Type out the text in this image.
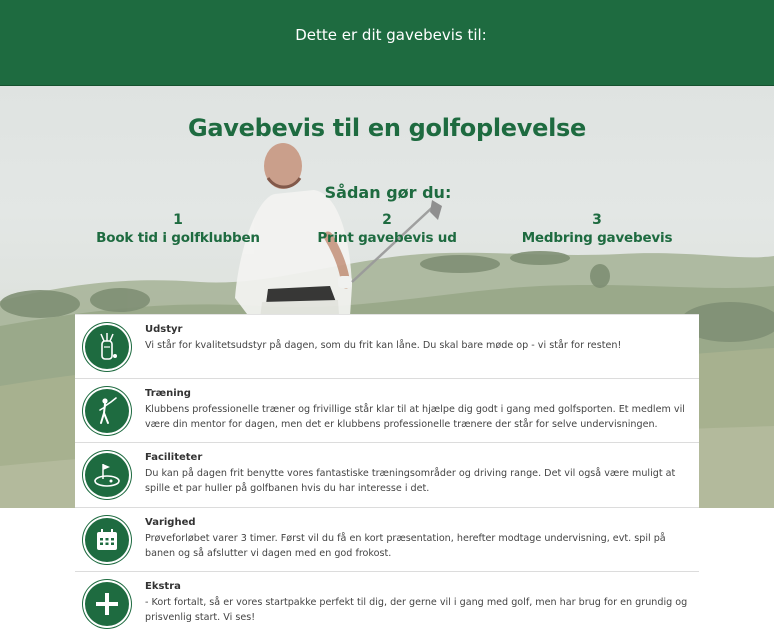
Dette er dit gavebevis til:
Gavebevis til en golfoplevelse
Sådan gør du:
1
Book tid i golfklubben
2
Print gavebevis ud
3
Medbring gavebevis
Udstyr
Vi står for kvalitetsudstyr på dagen, som du frit kan låne. Du skal bare møde op - vi står for resten!
Træning
Klubbens professionelle træner og frivillige står klar til at hjælpe dig godt i gang med golfsporten. Et medlem vil være din mentor for dagen, men det er klubbens professionelle trænere der står for selve undervisningen.
Faciliteter
Du kan på dagen frit benytte vores fantastiske træningsområder og driving range. Det vil også være muligt at spille et par huller på golfbanen hvis du har interesse i det.
Varighed
Prøveforløbet varer 3 timer. Først vil du få en kort præsentation, herefter modtage undervisning, evt. spil på banen og så afslutter vi dagen med en god frokost.
Ekstra
- Kort fortalt, så er vores startpakke perfekt til dig, der gerne vil i gang med golf, men har brug for en grundig og prisvenlig start. Vi ses!
